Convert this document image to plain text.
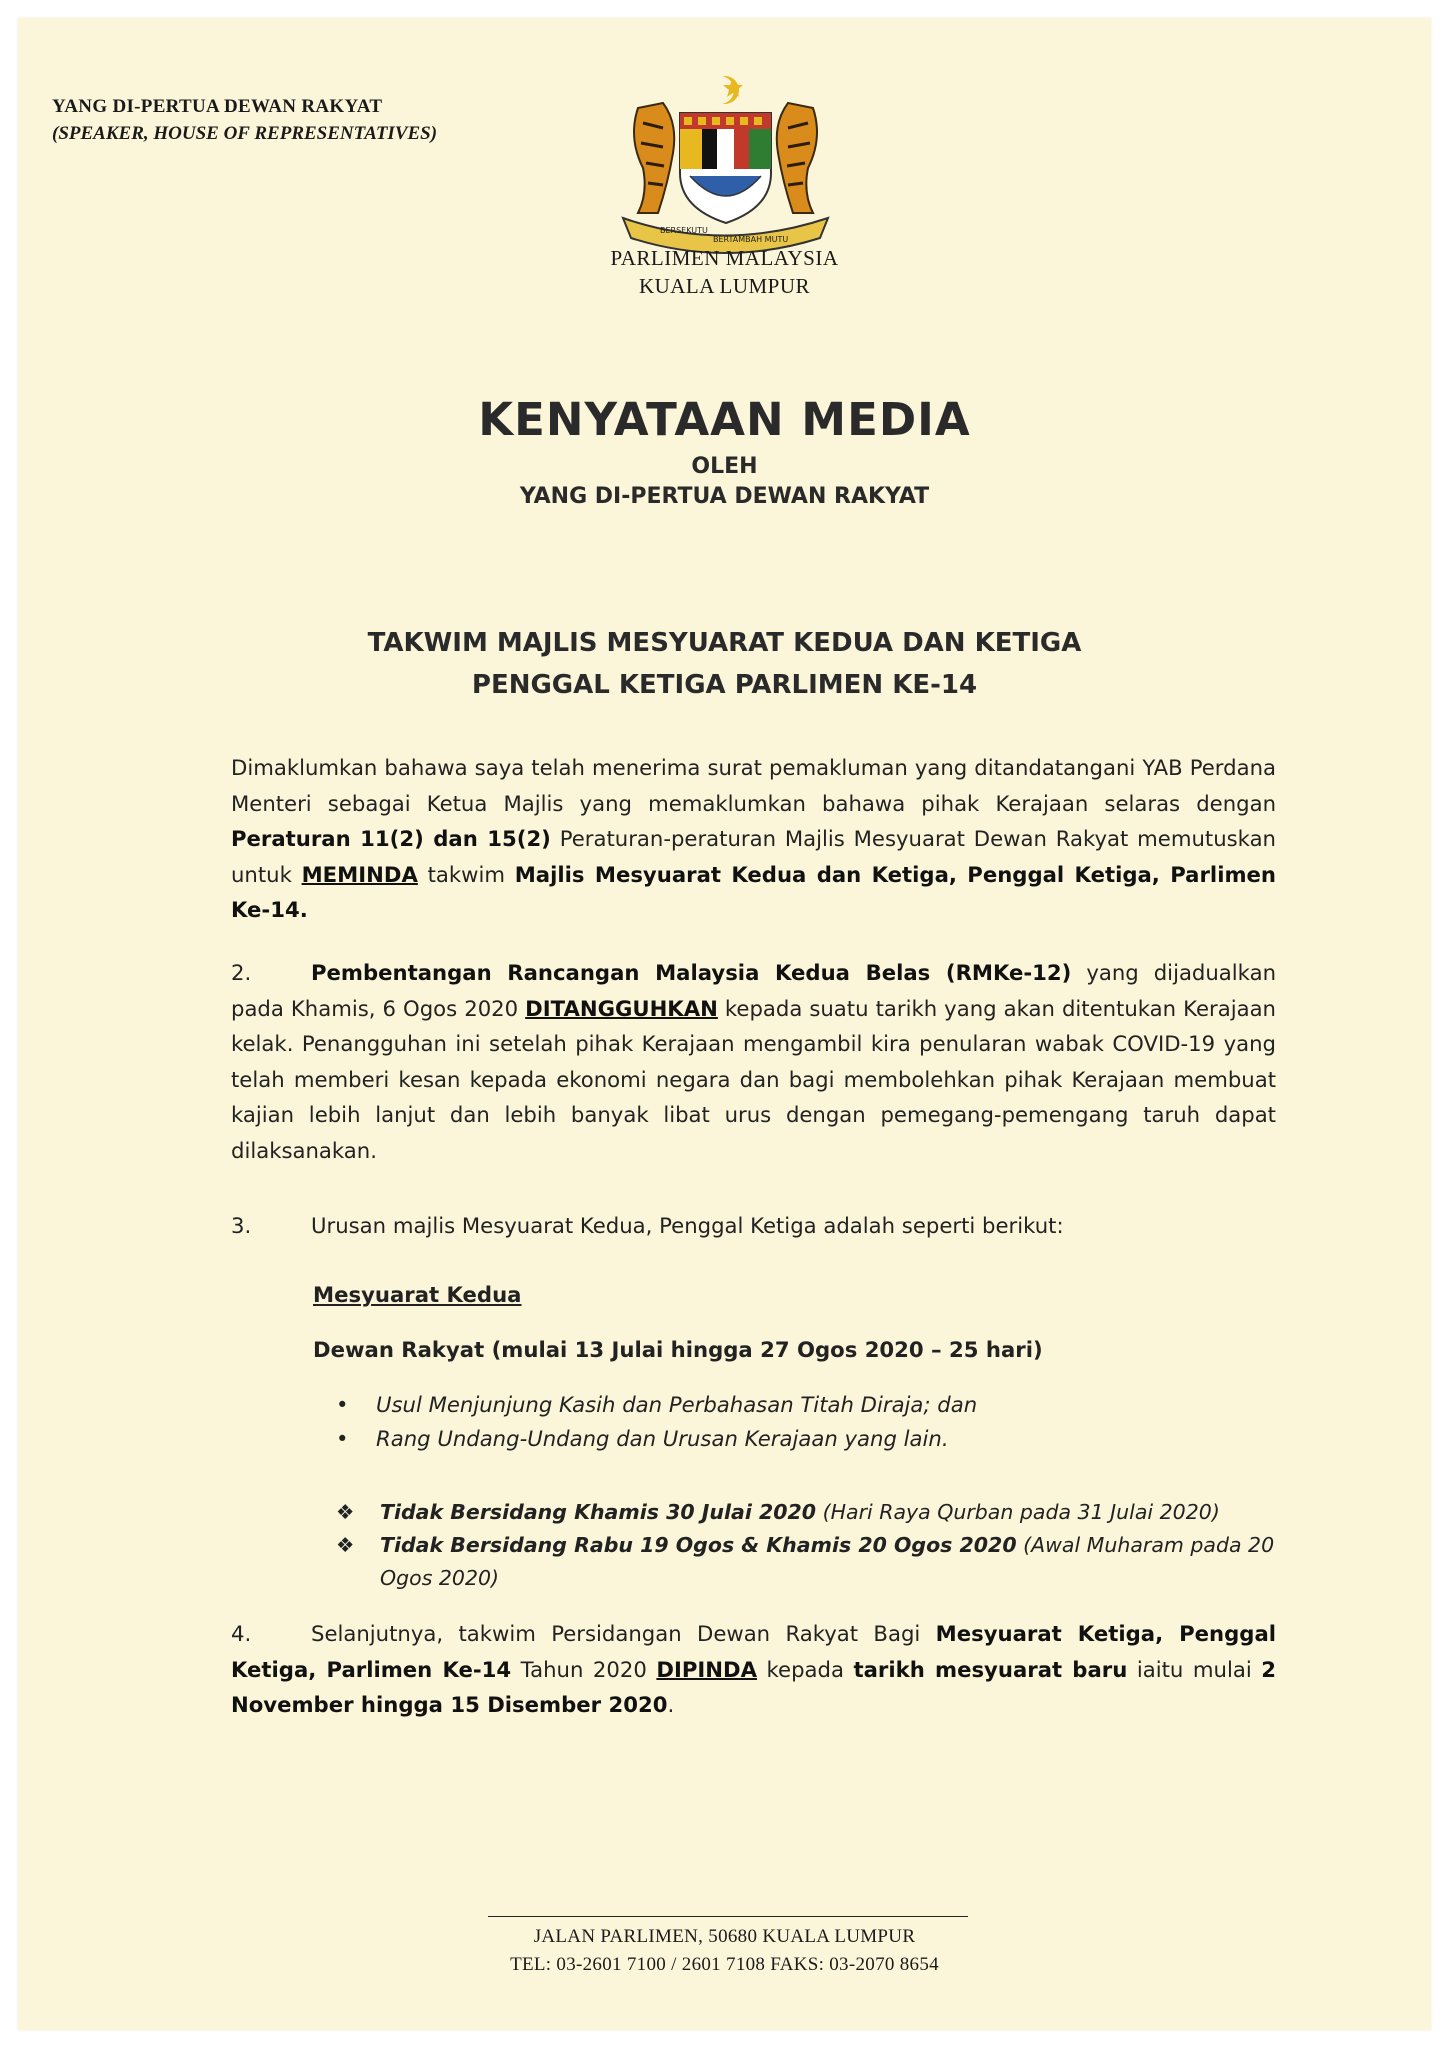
YANG DI-PERTUA DEWAN RAKYAT
(SPEAKER, HOUSE OF REPRESENTATIVES)
BERSEKUTU
BERTAMBAH MUTU
PARLIMEN MALAYSIA
KUALA LUMPUR
KENYATAAN MEDIA
OLEH
YANG DI-PERTUA DEWAN RAKYAT
TAKWIM MAJLIS MESYUARAT KEDUA DAN KETIGA
PENGGAL KETIGA PARLIMEN KE-14
Dimaklumkan bahawa saya telah menerima surat pemakluman yang ditandatangani YAB Perdana Menteri sebagai Ketua Majlis yang memaklumkan bahawa pihak Kerajaan selaras dengan Peraturan 11(2) dan 15(2) Peraturan-peraturan Majlis Mesyuarat Dewan Rakyat memutuskan untuk MEMINDA takwim Majlis Mesyuarat Kedua dan Ketiga, Penggal Ketiga, Parlimen Ke-14.
2.	Pembentangan Rancangan Malaysia Kedua Belas (RMKe-12) yang dijadualkan pada Khamis, 6 Ogos 2020 DITANGGUHKAN kepada suatu tarikh yang akan ditentukan Kerajaan kelak. Penangguhan ini setelah pihak Kerajaan mengambil kira penularan wabak COVID-19 yang telah memberi kesan kepada ekonomi negara dan bagi membolehkan pihak Kerajaan membuat kajian lebih lanjut dan lebih banyak libat urus dengan pemegang-pemengang taruh dapat dilaksanakan.
3.	Urusan majlis Mesyuarat Kedua, Penggal Ketiga adalah seperti berikut:
Mesyuarat Kedua
Dewan Rakyat (mulai 13 Julai hingga 27 Ogos 2020 – 25 hari)
• Usul Menjunjung Kasih dan Perbahasan Titah Diraja; dan
• Rang Undang-Undang dan Urusan Kerajaan yang lain.
❖ Tidak Bersidang Khamis 30 Julai 2020 (Hari Raya Qurban pada 31 Julai 2020)
❖ Tidak Bersidang Rabu 19 Ogos & Khamis 20 Ogos 2020 (Awal Muharam pada 20 Ogos 2020)
4.	Selanjutnya, takwim Persidangan Dewan Rakyat Bagi Mesyuarat Ketiga, Penggal Ketiga, Parlimen Ke-14 Tahun 2020 DIPINDA kepada tarikh mesyuarat baru iaitu mulai 2 November hingga 15 Disember 2020.
JALAN PARLIMEN, 50680 KUALA LUMPUR
TEL: 03-2601 7100 / 2601 7108 FAKS: 03-2070 8654
